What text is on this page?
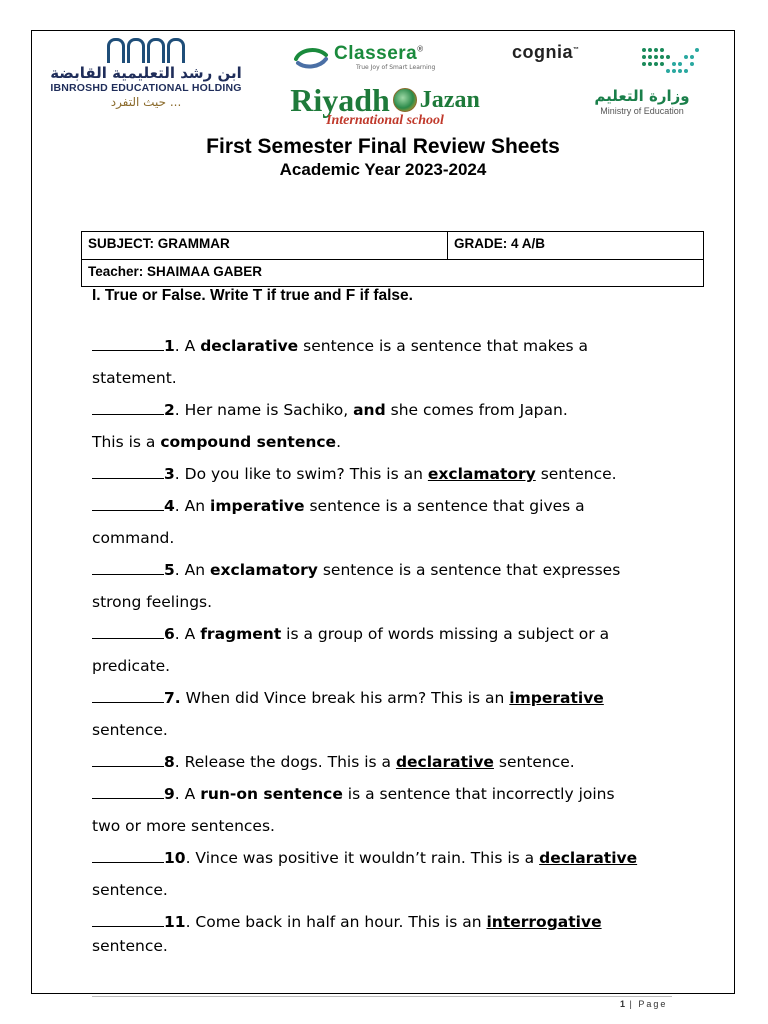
ابن رشد التعليمية القابضة
IBNROSHD EDUCATIONAL HOLDING
حيث التفرد ...
Classera®
True Joy of Smart Learning
cognia™
Riyadh Jazan
International school
وزارة التعليم
Ministry of Education
First Semester Final Review Sheets
Academic Year 2023-2024
SUBJECT: GRAMMAR	GRADE: 4 A/B
Teacher: SHAIMAA GABER
I. True or False. Write T if true and F if false.
1. A declarative sentence is a sentence that makes a
statement.
2. Her name is Sachiko, and she comes from Japan.
This is a compound sentence.
3. Do you like to swim? This is an exclamatory sentence.
4. An imperative sentence is a sentence that gives a
command.
5. An exclamatory sentence is a sentence that expresses
strong feelings.
6. A fragment is a group of words missing a subject or a
predicate.
7. When did Vince break his arm? This is an imperative
sentence.
8. Release the dogs. This is a declarative sentence.
9. A run-on sentence is a sentence that incorrectly joins
two or more sentences.
10. Vince was positive it wouldn’t rain. This is a declarative
sentence.
11. Come back in half an hour. This is an interrogative
sentence.
1 | Page
